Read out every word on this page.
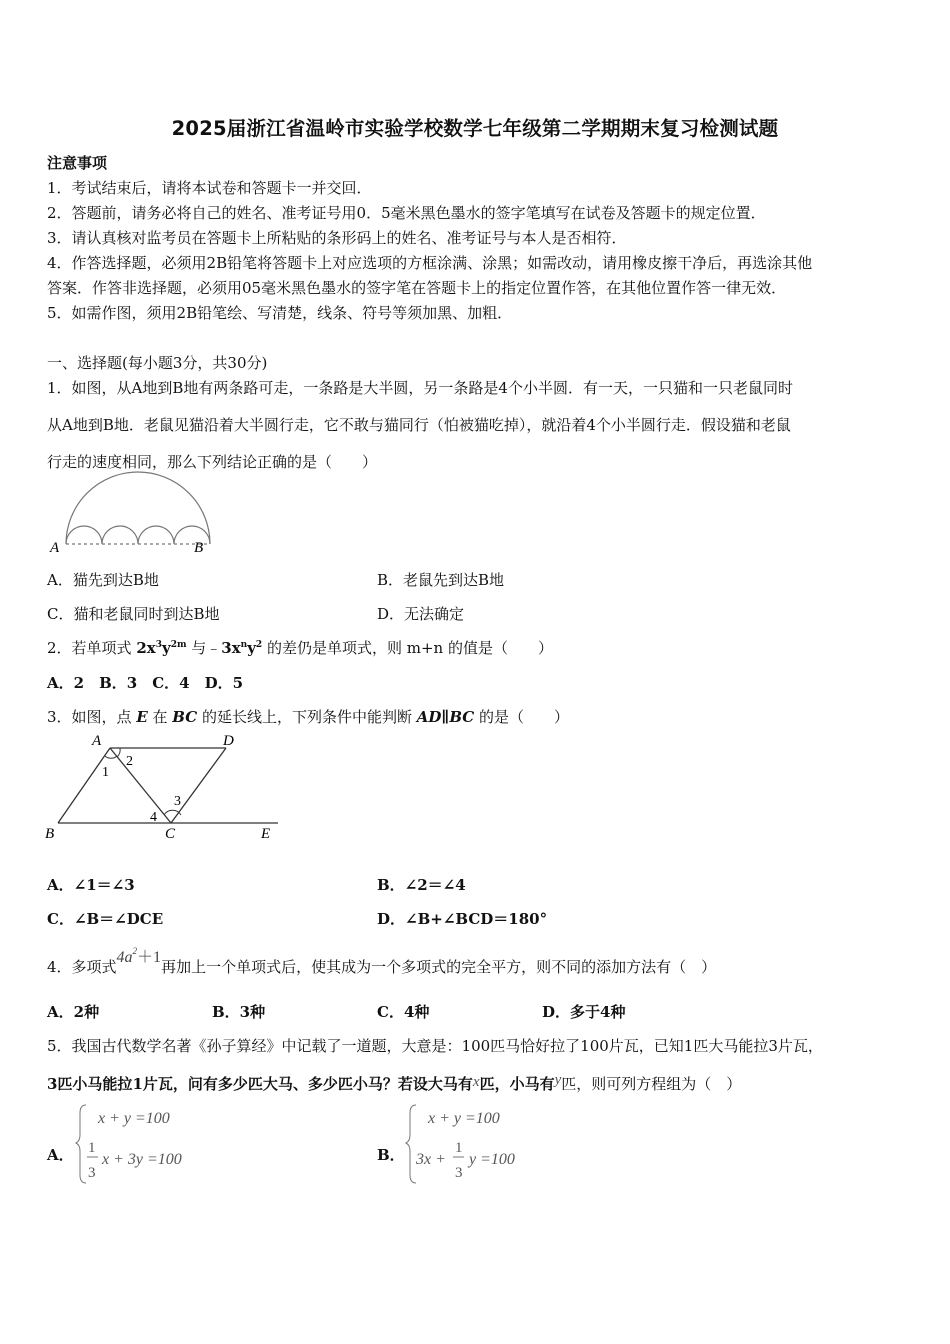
2025届浙江省温岭市实验学校数学七年级第二学期期末复习检测试题
注意事项
1．考试结束后，请将本试卷和答题卡一并交回．
2．答题前，请务必将自己的姓名、准考证号用0．5毫米黑色墨水的签字笔填写在试卷及答题卡的规定位置．
3．请认真核对监考员在答题卡上所粘贴的条形码上的姓名、准考证号与本人是否相符．
4．作答选择题，必须用2B铅笔将答题卡上对应选项的方框涂满、涂黑；如需改动，请用橡皮擦干净后，再选涂其他
答案．作答非选择题，必须用05毫米黑色墨水的签字笔在答题卡上的指定位置作答，在其他位置作答一律无效．
5．如需作图，须用2B铅笔绘、写清楚，线条、符号等须加黑、加粗．
一、选择题(每小题3分，共30分)
1．如图，从A地到B地有两条路可走，一条路是大半圆，另一条路是4个小半圆．有一天，一只猫和一只老鼠同时
从A地到B地．老鼠见猫沿着大半圆行走，它不敢与猫同行（怕被猫吃掉），就沿着4个小半圆行走．假设猫和老鼠
行走的速度相同，那么下列结论正确的是（　　）
A	B
A．猫先到达B地	B．老鼠先到达B地
C．猫和老鼠同时到达B地	D．无法确定
2．若单项式 $2x^3y^{2m}$ 与$﹣3x^ny^2$ 的差仍是单项式，则 m+n 的值是（　　）
A．2　B．3　C．4　D．5
3．如图，点 E 在 BC 的延长线上，下列条件中能判断 AD∥BC 的是（　　）
A	D
1
2
3
4
B	C	E
A．∠1＝∠3	B．∠2＝∠4
C．∠B＝∠DCE	D．∠B+∠BCD＝180°
4．多项式$4a^2+1$再加上一个单项式后，使其成为一个多项式的完全平方，则不同的添加方法有（　）
A．2种	B．3种	C．4种	D．多于4种
5．我国古代数学名著《孙子算经》中记载了一道题，大意是：100匹马恰好拉了100片瓦，已知1匹大马能拉3片瓦，
3匹小马能拉1片瓦，问有多少匹大马、多少匹小马？若设大马有x匹，小马有y匹，则可列方程组为（　）
A．
x + y =100
1
3
x + 3y =100	B．
x + y =100
3x +
1
3
y =100
